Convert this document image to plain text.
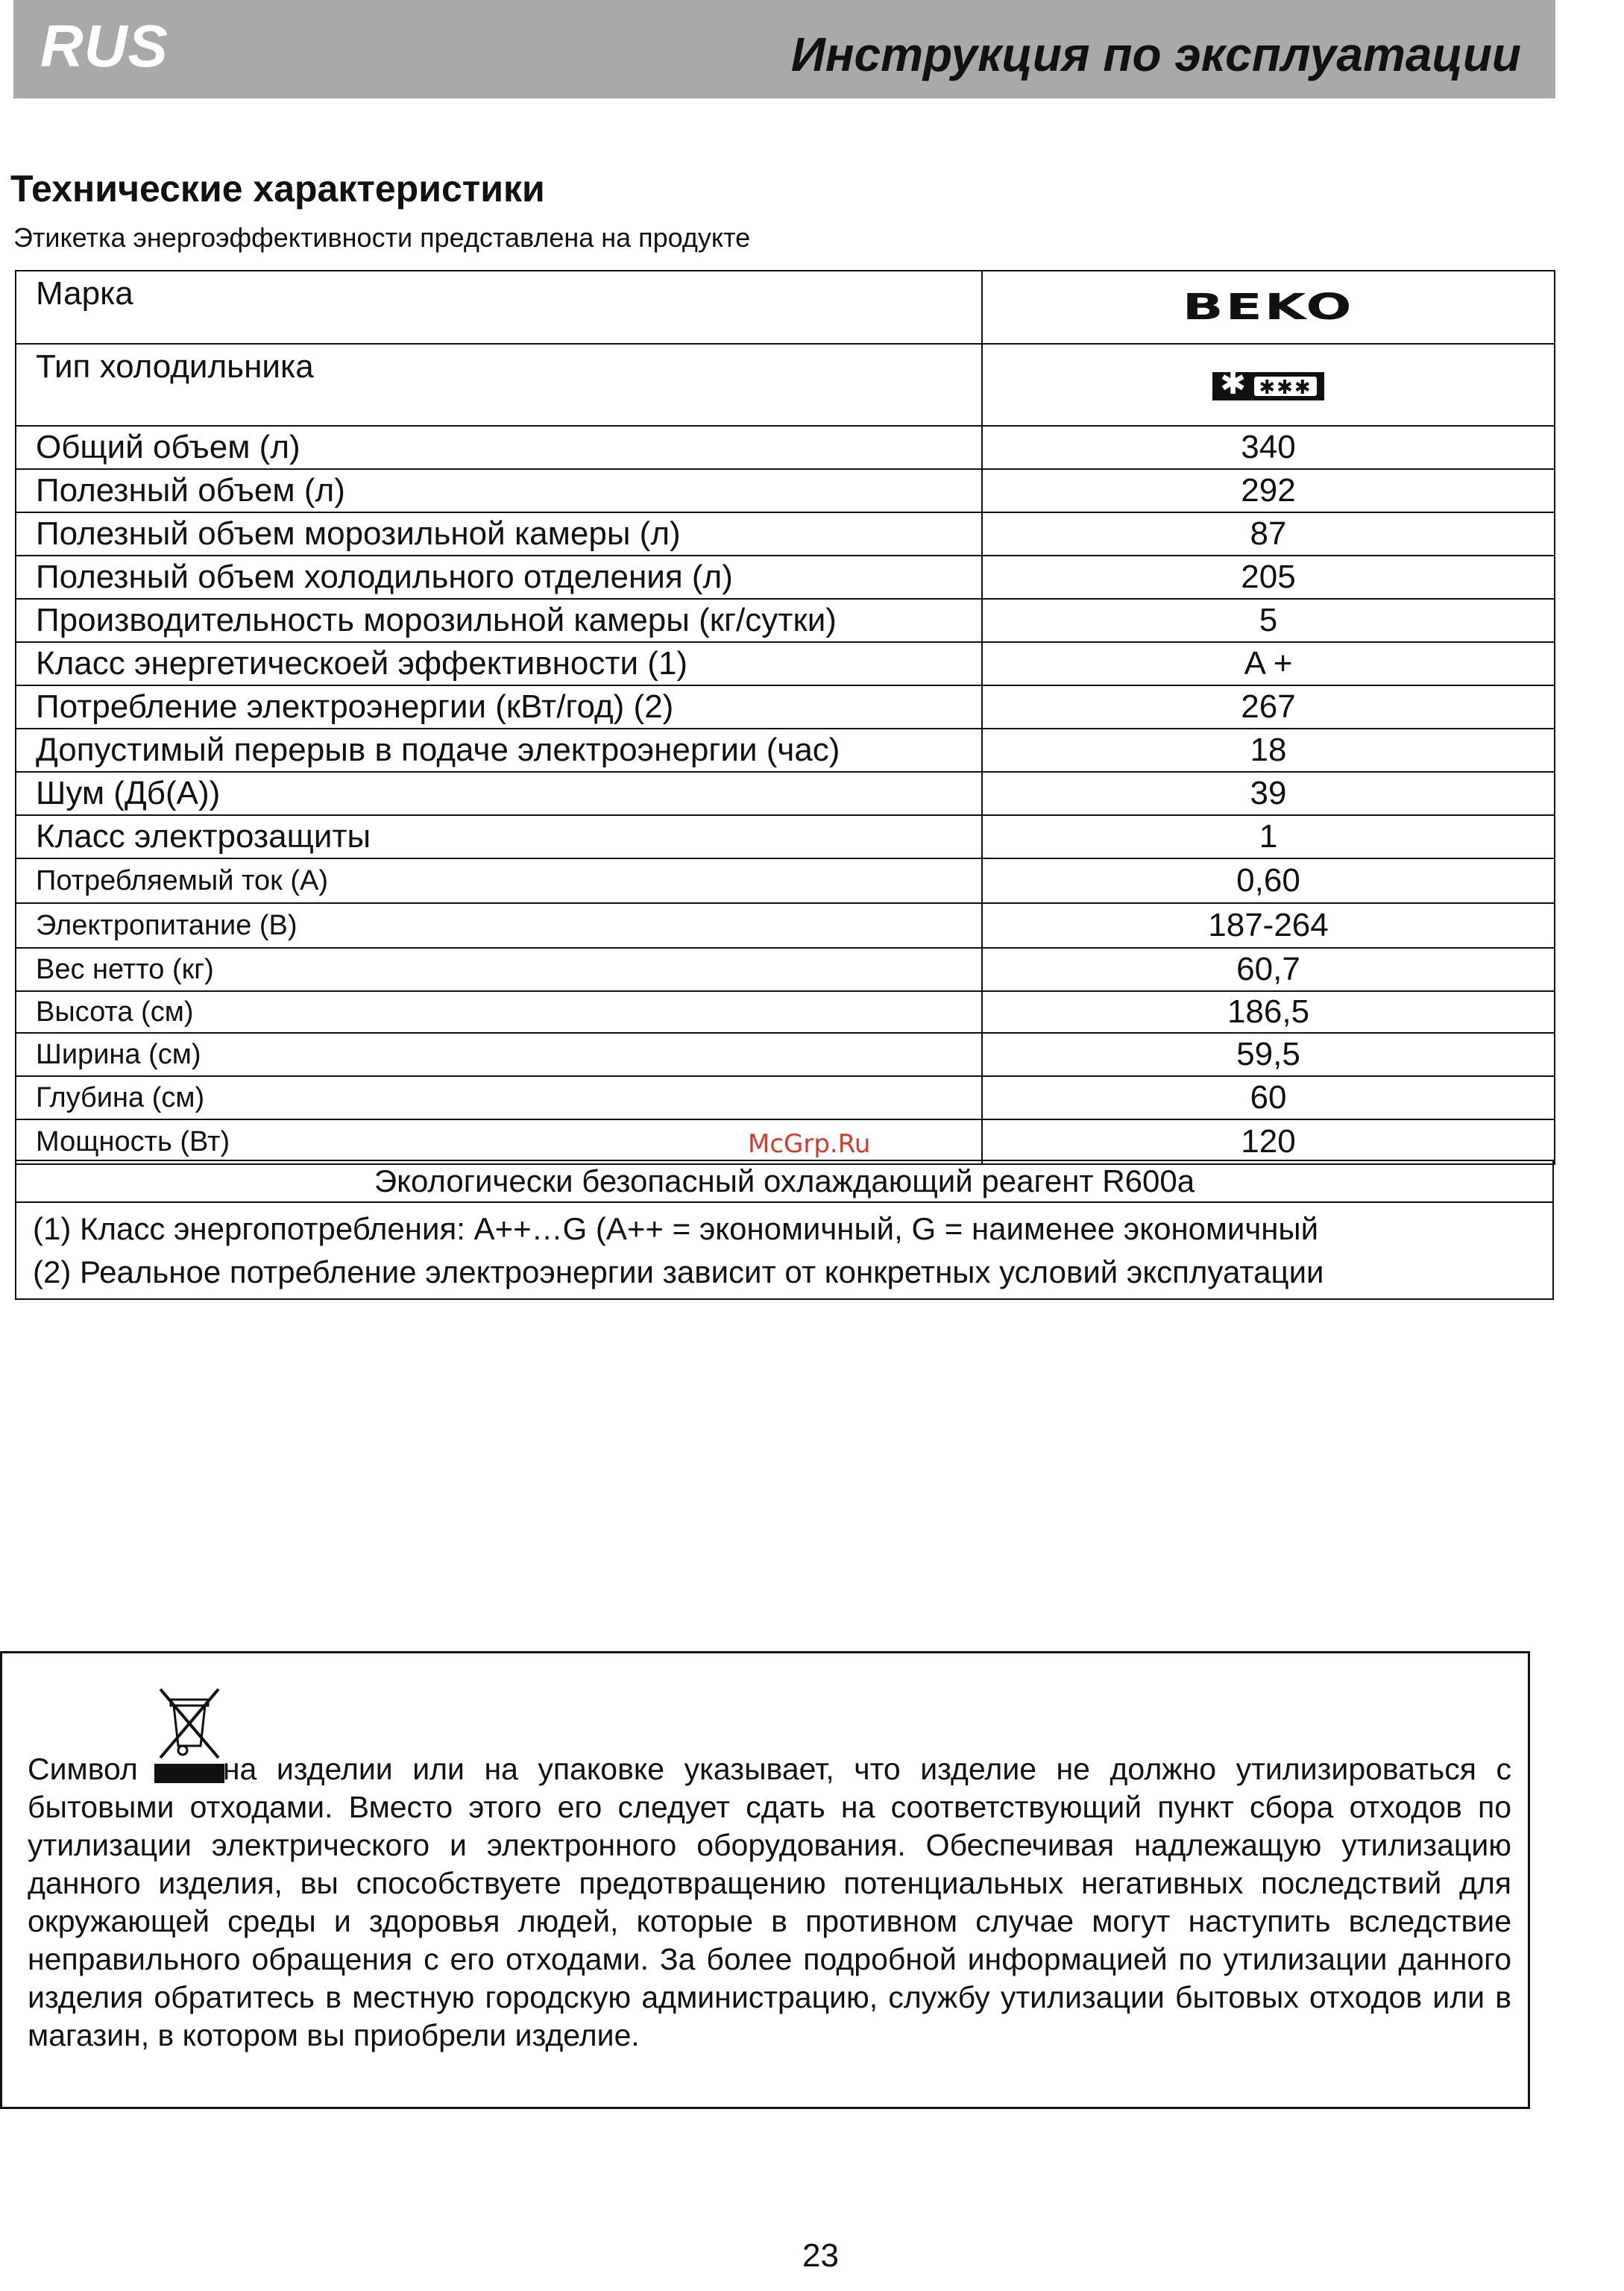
RUS	Инструкция по эксплуатации
Технические характеристики
Этикетка энергоэффективности представлена на продукте
Марка	BEKO
Тип холодильника	✱ ✱✱✱

Общий объем (л)	340
Полезный объем (л)	292
Полезный объем морозильной камеры (л)	87
Полезный объем холодильного отделения (л)	205
Производительность морозильной камеры (кг/сутки)	5
Класс энергетическоей эффективности (1)	A +
Потребление электроэнергии (кВт/год) (2)	267
Допустимый перерыв в подаче электроэнергии (час)	18
Шум (Дб(А))	39
Класс электрозащиты	1
Потребляемый ток (А)	0,60
Электропитание (В)	187-264
Вес нетто (кг)	60,7
Высота (см)	186,5
Ширина (см)	59,5
Глубина (см)	60
Мощность (Вт)	120
McGrp.Ru
Экологически безопасный охлаждающий реагент R600a

(1) Класс энергопотребления: A++…G (A++ = экономичный, G = наименее экономичный
(2) Реальное потребление электроэнергии зависит от конкретных условий эксплуатации
Символ	на изделии или на упаковке указывает, что изделие не должно утилизироваться с бытовыми отходами. Вместо этого его следует сдать на соответствующий пункт сбора отходов по утилизации электрического и электронного оборудования. Обеспечивая надлежащую утилизацию данного изделия, вы способствуете предотвращению потенциальных негативных последствий для окружающей среды и здоровья людей, которые в противном случае могут наступить вследствие неправильного обращения с его отходами. За более подробной информацией по утилизации данного изделия обратитесь в местную городскую администрацию, службу утилизации бытовых отходов или в магазин, в котором вы приобрели изделие.
23
